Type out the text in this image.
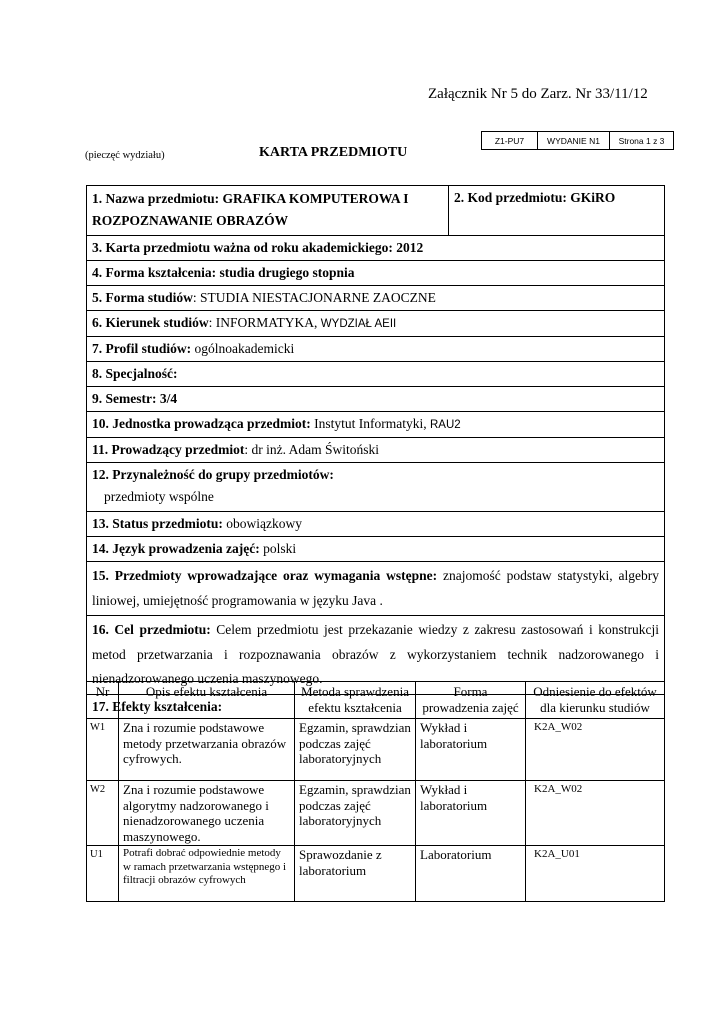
Załącznik Nr 5 do Zarz. Nr 33/11/12
(pieczęć wydziału)	KARTA PRZEDMIOTU
Z1-PU7	WYDANIE N1	Strona 1 z 3
1. Nazwa przedmiotu: GRAFIKA KOMPUTEROWA I ROZPOZNAWANIE OBRAZÓW	2. Kod przedmiotu: GKiRO
3. Karta przedmiotu ważna od roku akademickiego: 2012
4. Forma kształcenia: studia drugiego stopnia
5. Forma studiów: STUDIA NIESTACJONARNE ZAOCZNE
6. Kierunek studiów: INFORMATYKA, WYDZIAŁ AEII
7. Profil studiów: ogólnoakademicki
8. Specjalność:
9. Semestr: 3/4
10. Jednostka prowadząca przedmiot: Instytut Informatyki, RAU2
11. Prowadzący przedmiot: dr inż. Adam Świtoński

12. Przynależność do grupy przedmiotów:
przedmioty wspólne

13. Status przedmiotu: obowiązkowy
14. Język prowadzenia zajęć: polski
15. Przedmioty wprowadzające oraz wymagania wstępne: znajomość podstaw statystyki, algebry liniowej, umiejętność programowania w języku Java .
16. Cel przedmiotu: Celem przedmiotu jest przekazanie wiedzy z zakresu zastosowań i konstrukcji metod przetwarzania i rozpoznawania obrazów z wykorzystaniem technik nadzorowanego i nienadzorowanego uczenia maszynowego.
17. Efekty kształcenia:
Nr	Opis efektu kształcenia	Metoda sprawdzenia efektu kształcenia	Forma prowadzenia zajęć	Odniesienie do efektów dla kierunku studiów
W1	Zna i rozumie podstawowe metody przetwarzania obrazów cyfrowych.	Egzamin, sprawdzian podczas zajęć laboratoryjnych	Wykład i laboratorium	K2A_W02
W2	Zna i rozumie podstawowe algorytmy nadzorowanego i nienadzorowanego uczenia maszynowego.	Egzamin, sprawdzian podczas zajęć laboratoryjnych	Wykład i laboratorium	K2A_W02
U1	Potrafi dobrać odpowiednie metody w ramach przetwarzania wstępnego i filtracji obrazów cyfrowych	Sprawozdanie z laboratorium	Laboratorium	K2A_U01
